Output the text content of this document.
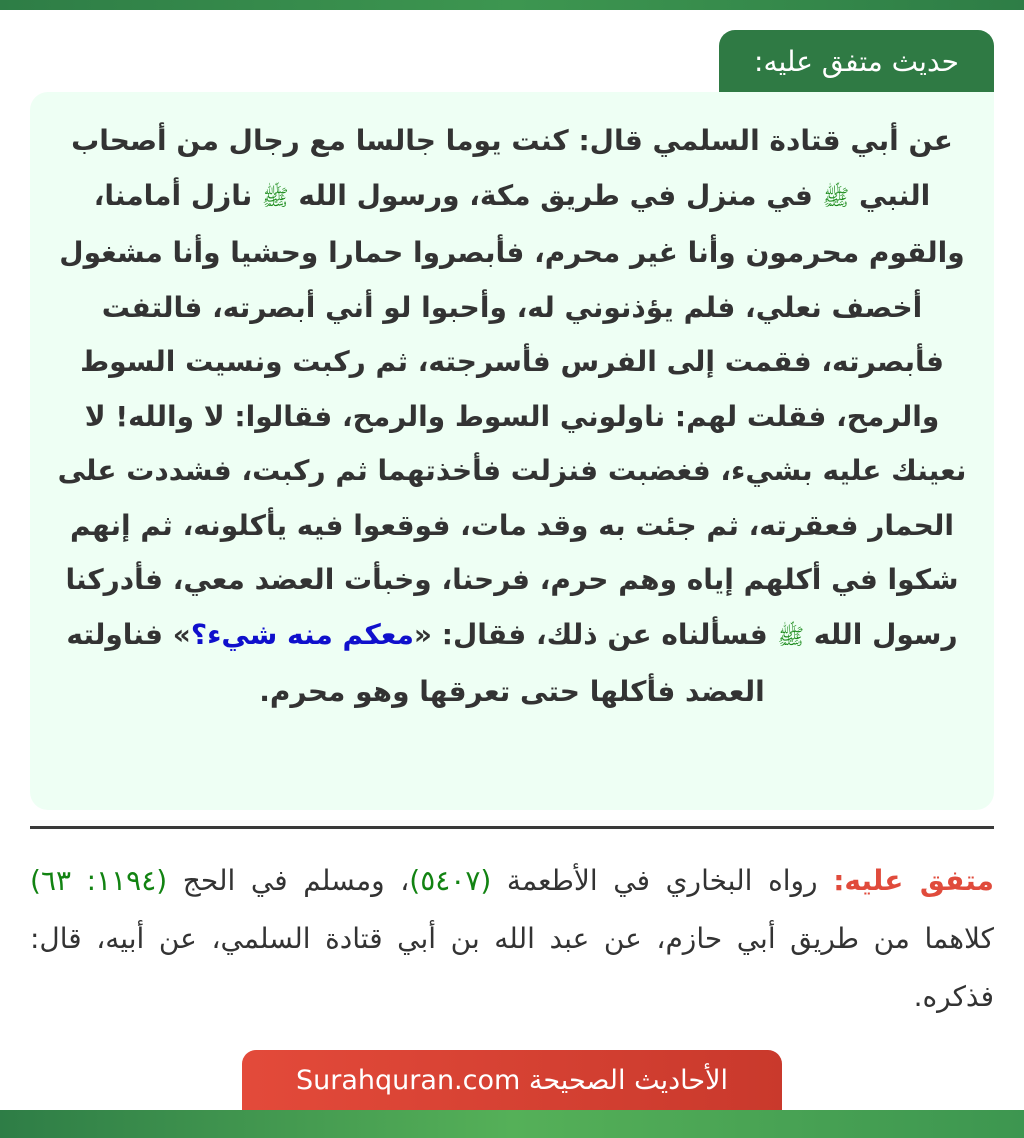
حديث متفق عليه:

عن أبي قتادة السلمي قال: كنت يوما جالسا مع رجال من أصحاب النبي ﷺ في منزل في طريق مكة، ورسول الله ﷺ نازل أمامنا، والقوم محرمون وأنا غير محرم، فأبصروا حمارا وحشيا وأنا مشغول أخصف نعلي، فلم يؤذنوني له، وأحبوا لو أني أبصرته، فالتفت فأبصرته، فقمت إلى الفرس فأسرجته، ثم ركبت ونسيت السوط والرمح، فقلت لهم: ناولوني السوط والرمح، فقالوا: لا والله! لا نعينك عليه بشيء، فغضبت فنزلت فأخذتهما ثم ركبت، فشددت على الحمار فعقرته، ثم جئت به وقد مات، فوقعوا فيه يأكلونه، ثم إنهم شكوا في أكلهم إياه وهم حرم، فرحنا، وخبأت العضد معي، فأدركنا رسول الله ﷺ فسألناه عن ذلك، فقال: «معكم منه شيء؟» فناولته العضد فأكلها حتى تعرقها وهو محرم.

متفق عليه: رواه البخاري في الأطعمة (٥٤٠٧)، ومسلم في الحج (١١٩٤: ٦٣) كلاهما من طريق أبي حازم، عن عبد الله بن أبي قتادة السلمي، عن أبيه، قال: فذكره.

الأحاديث الصحيحة Surahquran.com
